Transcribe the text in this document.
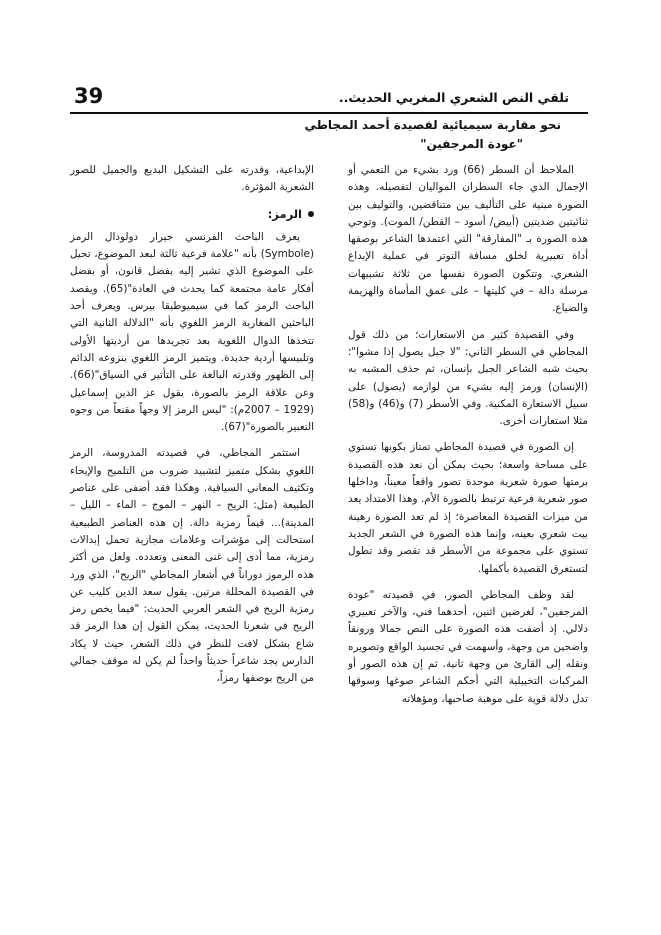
39	تلقي النص الشعري المغربي الحديث..
نحو مقاربة سيميائية لقصيدة أحمد المجاطي
"عودة المرجفين"

الملاحظ أن السطر (66) ورد بشيء من التعمي أو الإجمال الذي جاء السطران المواليان لتفصيله. وهذه الصورة مبنية على التأليف بين متناقضين، والتوليف بين ثنائيتين ضديتين (أبيض/ أسود – القطن/ الموت). وتوحي هذه الصورة بـ "المفارقة" التي اعتمدها الشاعر بوصفها أداة تعبيرية لخلق مسافة التوتر في عملية الإبداع الشعري. وتتكون الصورة نفسها من ثلاثة تشبيهات مرسلة دالة – في كليتها – على عمق المأساة والهزيمة والضياع.

وفي القصيدة كثير من الاستعارات؛ من ذلك قول المجاطي في السطر الثاني: "لا جبل يصول إذا مشوا"؛ بحيث شبه الشاعر الجبل بإنسان، ثم حذف المشبه به (الإنسان) ورمز إليه بشيء من لوازمه (يصول) على سبيل الاستعارة المكنية. وفي الأسطر (7) و(46) و(58) مثلا استعارات أخرى.

إن الصورة في قصيدة المجاطي تمتاز بكونها تستوي على مساحة واسعة؛ بحيث يمكن أن نعد هذه القصيدة برمتها صورة شعرية موحدة تصور واقعاً معيناً، وداخلها صور شعرية فرعية ترتبط بالصورة الأم. وهذا الامتداد يعد من ميزات القصيدة المعاصرة؛ إذ لم تعد الصورة رهينة بيت شعري بعينه، وإنما هذه الصورة في الشعر الجديد تستوي على مجموعة من الأسطر قد تقصر وقد تطول لتستغرق القصيدة بأكملها.

لقد وظف المجاطي الصور، في قصيدته "عودة المرجفين"، لغرضين اثنين، أحدهما فني، والآخر تعبيري دلالي. إذ أضفت هذه الصورة على النص جمالا ورونقاً واضحين من وجهة، وأسهمت في تجسيد الواقع وتصويره ونقله إلى القارئ من وجهة ثانية. ثم إن هذه الصور أو المركبات التخييلية التي أحكم الشاعر صوغها وسوقها تدل دلالة قوية على موهبة صاحبها، ومؤهلاته

الإبداعية، وقدرته على التشكيل البديع والجميل للصور الشعرية المؤثرة.

الرمز:

يعرف الباحث الفرنسي جيرار دولودال الرمز (Symbole) بأنه "علامة فرعية ثالثة لبعد الموضوع، تحيل على الموضوع الذي تشير إليه بفضل قانون، أو بفضل أفكار عامة مجتمعة كما يحدث في العادة"(65). ويقصد الباحث الرمز كما في سيميوطيقا بيرس. ويعرف أحد الباحثين المغاربة الرمز اللغوي بأنه "الدلالة الثانية التي تتخذها الدوال اللغوية بعد تجريدها من أرديتها الأولى وتلبيسها أردية جديدة. ويتميز الرمز اللغوي بنزوعه الدائم إلى الظهور وقدرته البالغة على التأثير في السياق"(66). وعن علاقة الرمز بالصورة، يقول عز الدين إسماعيل (1929 – 2007م): "ليس الرمز إلا وجهاً مقنعاً من وجوه التعبير بالصورة"(67).

استثمر المجاطي، في قصيدته المدروسة، الرمز اللغوي بشكل متميز لتشييد ضروب من التلميح والإيحاء وتكثيف المعاني السياقية. وهكذا فقد أضفى على عناصر الطبيعة (مثل: الريح – النهر – الموج – الماء – الليل – المدينة)... قيماً رمزية دالة. إن هذه العناصر الطبيعية استحالت إلى مؤشرات وعلامات مجازية تحمل إبدالات رمزية، مما أدى إلى غنى المعنى وتعدده. ولعل من أكثر هذه الرموز دوراناً في أشعار المجاطي "الريح"، الذي ورد في القصيدة المحللة مرتين. يقول سعد الدين كليب عن رمزية الريح في الشعر العربي الحديث: "فيما يخص رمز الريح في شعرنا الحديث، يمكن القول إن هذا الرمز قد شاع بشكل لافت للنظر في ذلك الشعر، حيث لا يكاد الدارس يجد شاعراً حديثاً واحداً لم يكن له موقف جمالي من الريح بوصفها رمزاً،
